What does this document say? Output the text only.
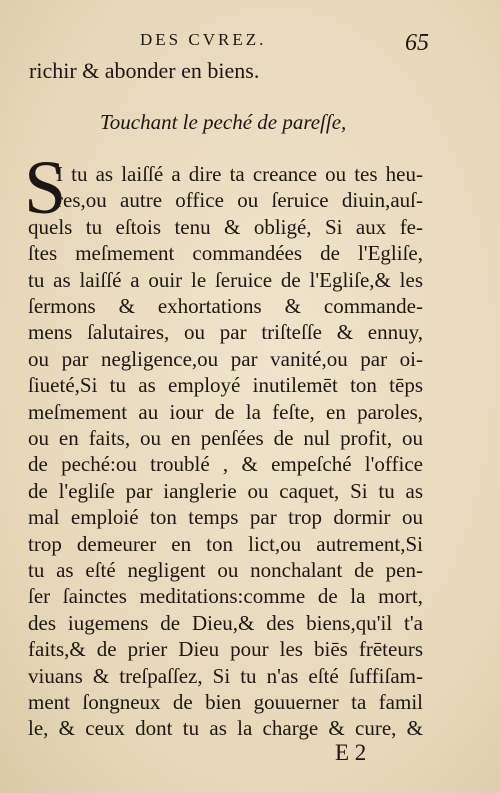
DES CVREZ.	65
richir & abonder en biens.
Touchant le peché de pareſſe,
S
I tu as laiſſé a dire ta creance ou tes heu-
res,ou autre office ou ſeruice diuin,auſ-
quels tu eſtois tenu & obligé, Si aux fe-
ſtes meſmement commandées de l'Egliſe,
tu as laiſſé a ouir le ſeruice de l'Egliſe,& les
ſermons & exhortations & commande-
mens ſalutaires, ou par triſteſſe & ennuy,
ou par negligence,ou par vanité,ou par oi-
ſiueté,Si tu as employé inutilemēt ton tēps
meſmement au iour de la feſte, en paroles,
ou en faits, ou en penſées de nul profit, ou
de peché:ou troublé , & empeſché l'office
de l'egliſe par ianglerie ou caquet, Si tu as
mal emploié ton temps par trop dormir ou
trop demeurer en ton lict,ou autrement,Si
tu as eſté negligent ou nonchalant de pen-
ſer ſainctes meditations:comme de la mort,
des iugemens de Dieu,& des biens,qu'il t'a
faits,& de prier Dieu pour les biēs frēteurs
viuans & treſpaſſez, Si tu n'as eſté ſuffiſam-
ment ſongneux de bien gouuerner ta famil
le, & ceux dont tu as la charge & cure, &
E 2
